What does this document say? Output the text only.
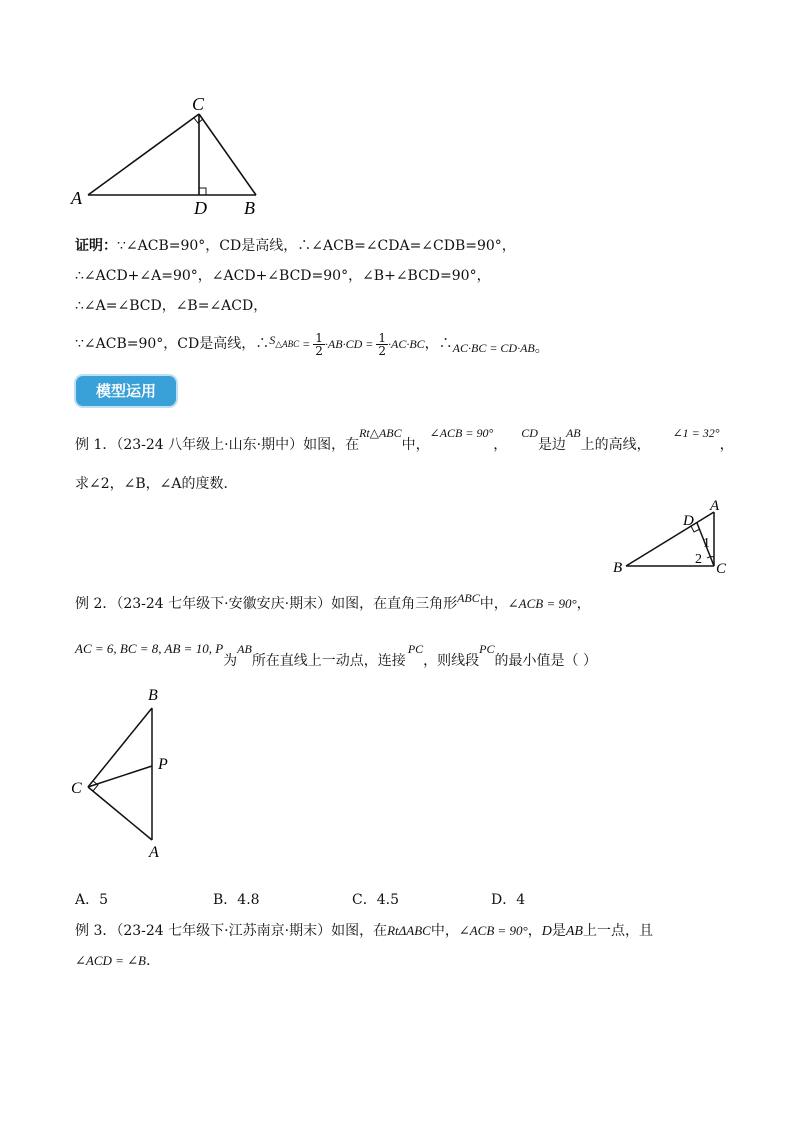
C
A	D B
证明：∵∠ACB=90°，CD是高线，∴∠ACB=∠CDA=∠CDB=90°，
∴∠ACD+∠A=90°，∠ACD+∠BCD=90°，∠B+∠BCD=90°，
∴∠A=∠BCD，∠B=∠ACD，
∵∠ACB=90°，CD是高线，$\therefore S_{\triangle ABC} = \frac{1}{2} \cdot AB\cdot CD = \frac{1}{2} \cdot AC\cdot BC$，∴AC·BC = CD·AB。
模型运用
例 1．（23-24 八年级上·山东·期中）如图，在Rt△ABC中，∠ACB = 90°，CD是边AB上的高线，∠1 = 32°，
求∠2，∠B，∠A的度数．
A
D
1
2
B	C
例 2．（23-24 七年级下·安徽安庆·期末）如图，在直角三角形ABC中，∠ACB = 90°，
AC = 6, BC = 8, AB = 10, P为AB所在直线上一动点，连接PC，则线段PC的最小值是（ ）
B
P
C
A
A．5	B．4.8	C．4.5	D．4
例 3．（23-24 七年级下·江苏南京·期末）如图，在RtΔABC中，∠ACB = 90°，D是AB上一点，且
∠ACD = ∠B.
